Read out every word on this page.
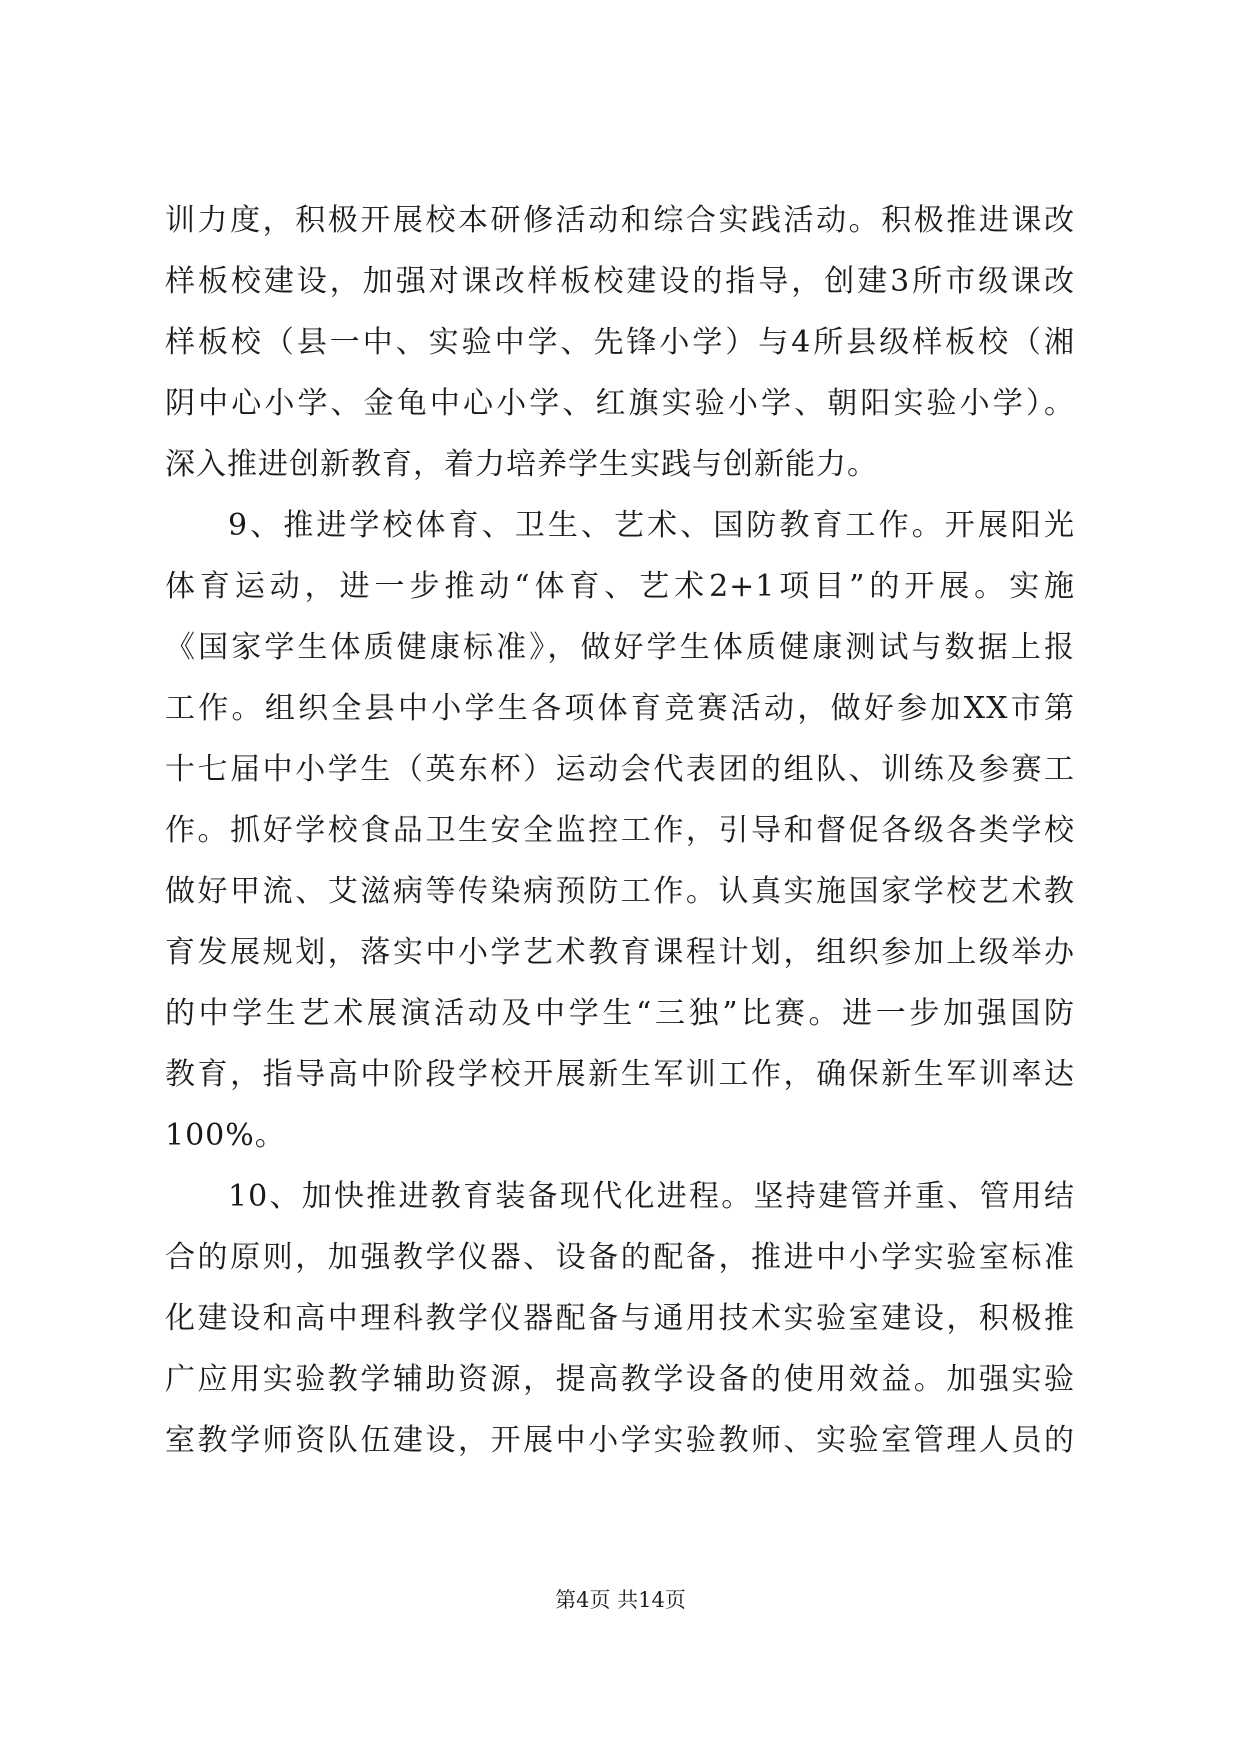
训力度，积极开展校本研修活动和综合实践活动。积极推进课改
样板校建设，加强对课改样板校建设的指导，创建3所市级课改
样板校（县一中、实验中学、先锋小学）与4所县级样板校（湘
阴中心小学、金龟中心小学、红旗实验小学、朝阳实验小学）。
深入推进创新教育，着力培养学生实践与创新能力。
9、推进学校体育、卫生、艺术、国防教育工作。开展阳光
体育运动，进一步推动“体育、艺术2+1项目”的开展。实施
《国家学生体质健康标准》，做好学生体质健康测试与数据上报
工作。组织全县中小学生各项体育竞赛活动，做好参加XX市第
十七届中小学生（英东杯）运动会代表团的组队、训练及参赛工
作。抓好学校食品卫生安全监控工作，引导和督促各级各类学校
做好甲流、艾滋病等传染病预防工作。认真实施国家学校艺术教
育发展规划，落实中小学艺术教育课程计划，组织参加上级举办
的中学生艺术展演活动及中学生“三独”比赛。进一步加强国防
教育，指导高中阶段学校开展新生军训工作，确保新生军训率达
100%。
10、加快推进教育装备现代化进程。坚持建管并重、管用结
合的原则，加强教学仪器、设备的配备，推进中小学实验室标准
化建设和高中理科教学仪器配备与通用技术实验室建设，积极推
广应用实验教学辅助资源，提高教学设备的使用效益。加强实验
室教学师资队伍建设，开展中小学实验教师、实验室管理人员的
第4页 共14页
